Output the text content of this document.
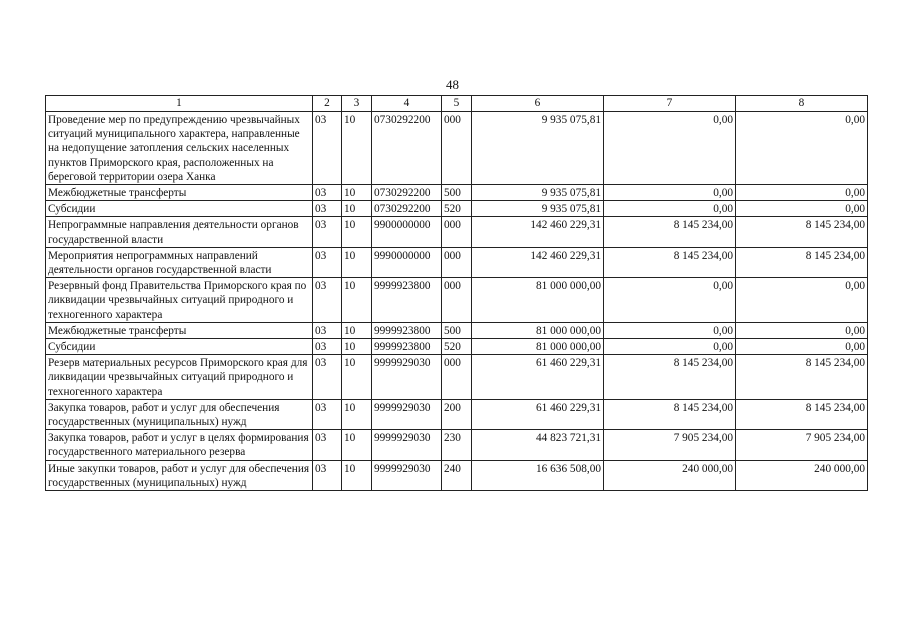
48
1	2	3	4	5	6	7	8
Проведение мер по предупреждению чрезвычайных ситуаций муниципального характера, направленные на недопущение затопления сельских населенных пунктов Приморского края, расположенных на береговой территории озера Ханка	03	10	0730292200	000	9 935 075,81	0,00	0,00
Межбюджетные трансферты	03	10	0730292200	500	9 935 075,81	0,00	0,00
Субсидии	03	10	0730292200	520	9 935 075,81	0,00	0,00
Непрограммные направления деятельности органов государственной власти	03	10	9900000000	000	142 460 229,31	8 145 234,00	8 145 234,00
Мероприятия непрограммных направлений деятельности органов государственной власти	03	10	9990000000	000	142 460 229,31	8 145 234,00	8 145 234,00
Резервный фонд Правительства Приморского края по ликвидации чрезвычайных ситуаций природного и техногенного характера	03	10	9999923800	000	81 000 000,00	0,00	0,00
Межбюджетные трансферты	03	10	9999923800	500	81 000 000,00	0,00	0,00
Субсидии	03	10	9999923800	520	81 000 000,00	0,00	0,00
Резерв материальных ресурсов Приморского края для ликвидации чрезвычайных ситуаций природного и техногенного характера	03	10	9999929030	000	61 460 229,31	8 145 234,00	8 145 234,00
Закупка товаров, работ и услуг для обеспечения государственных (муниципальных) нужд	03	10	9999929030	200	61 460 229,31	8 145 234,00	8 145 234,00
Закупка товаров, работ и услуг в целях формирования государственного материального резерва	03	10	9999929030	230	44 823 721,31	7 905 234,00	7 905 234,00
Иные закупки товаров, работ и услуг для обеспечения государственных (муниципальных) нужд	03	10	9999929030	240	16 636 508,00	240 000,00	240 000,00
